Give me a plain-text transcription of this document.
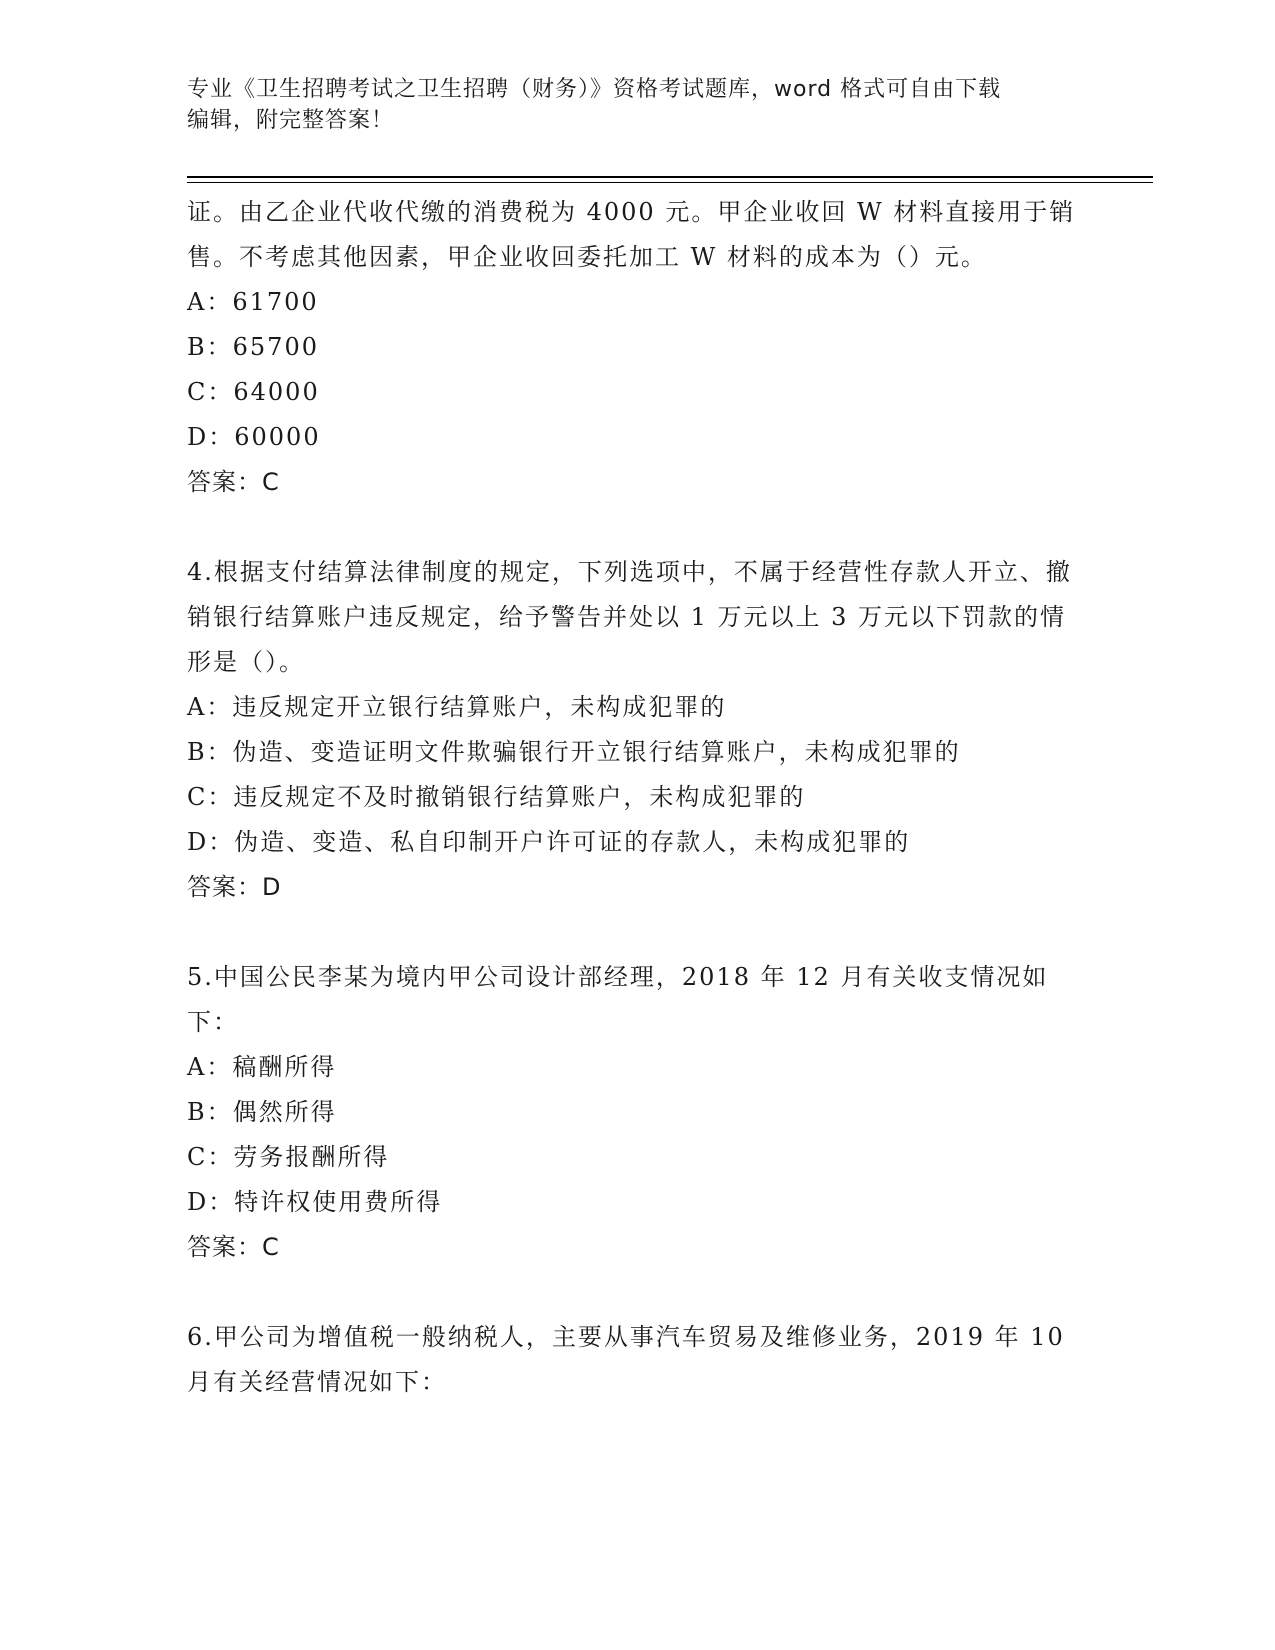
专业《卫生招聘考试之卫生招聘（财务）》资格考试题库，word 格式可自由下载
编辑，附完整答案！

证。由乙企业代收代缴的消费税为 4000 元。甲企业收回 W 材料直接用于销售。不考虑其他因素，甲企业收回委托加工 W 材料的成本为（）元。

A：61700

B：65700

C：64000

D：60000

答案：C

4.根据支付结算法律制度的规定，下列选项中，不属于经营性存款人开立、撤销银行结算账户违反规定，给予警告并处以 1 万元以上 3 万元以下罚款的情形是（）。

A：违反规定开立银行结算账户，未构成犯罪的

B：伪造、变造证明文件欺骗银行开立银行结算账户，未构成犯罪的

C：违反规定不及时撤销银行结算账户，未构成犯罪的

D：伪造、变造、私自印制开户许可证的存款人，未构成犯罪的

答案：D

5.中国公民李某为境内甲公司设计部经理，2018 年 12 月有关收支情况如下：

A：稿酬所得

B：偶然所得

C：劳务报酬所得

D：特许权使用费所得

答案：C

6.甲公司为增值税一般纳税人，主要从事汽车贸易及维修业务，2019 年 10 月有关经营情况如下：
